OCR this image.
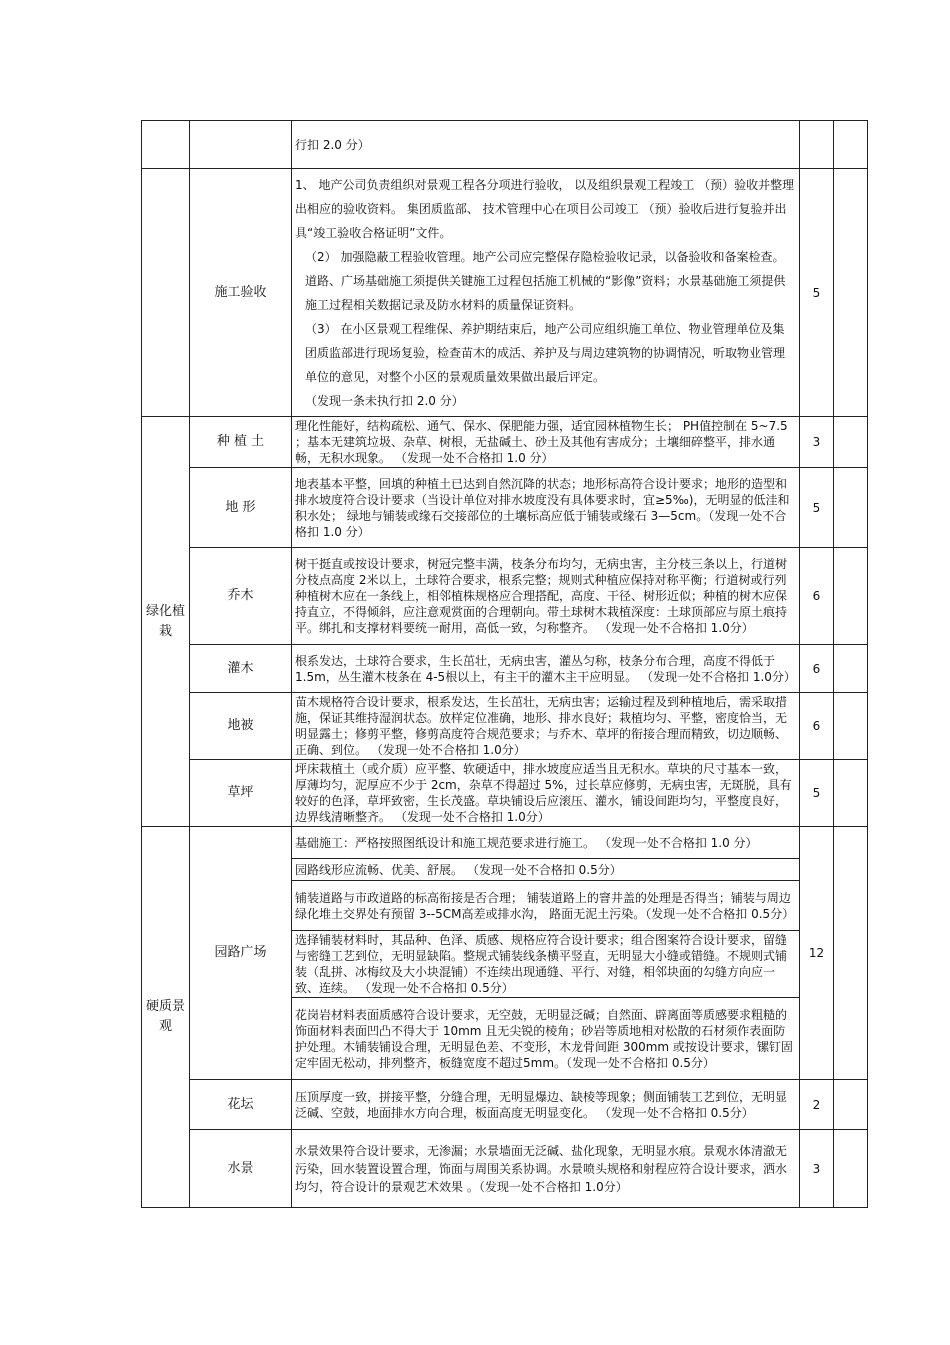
		行扣 2.0 分）		
	施工验收	1、 地产公司负责组织对景观工程各分项进行验收， 以及组织景观工程竣工 （预）验收并整理出相应的验收资料。 集团质监部、 技术管理中心在项目公司竣工 （预）验收后进行复验并出具“竣工验收合格证明”文件。

（2） 加强隐蔽工程验收管理。地产公司应完整保存隐检验收记录，以备验收和备案检查。道路、广场基础施工须提供关键施工过程包括施工机械的“影像”资料；水景基础施工须提供施工过程相关数据记录及防水材料的质量保证资料。

（3） 在小区景观工程维保、养护期结束后，地产公司应组织施工单位、物业管理单位及集团质监部进行现场复验，检查苗木的成活、养护及与周边建筑物的协调情况，听取物业管理单位的意见，对整个小区的景观质量效果做出最后评定。

（发现一条未执行扣 2.0 分）	5	
绿化植栽	种 植 土	理化性能好，结构疏松、通气、保水、保肥能力强，适宜园林植物生长； PH值控制在 5~7.5 ；基本无建筑垃圾、杂草、树根，无盐碱土、砂土及其他有害成分；土壤细碎整平，排水通畅，无积水现象。 （发现一处不合格扣 1.0 分）	3	
	地 形	地表基本平整，回填的种植土已达到自然沉降的状态；地形标高符合设计要求；地形的造型和排水坡度符合设计要求（当设计单位对排水坡度没有具体要求时，宜≥5‰)，无明显的低洼和积水处； 绿地与铺装或缘石交接部位的土壤标高应低于铺装或缘石 3—5cm。（发现一处不合格扣 1.0 分）	5	
	乔木	树干挺直或按设计要求，树冠完整丰满，枝条分布均匀，无病虫害，主分枝三条以上，行道树分枝点高度 2米以上，土球符合要求，根系完整；规则式种植应保持对称平衡；行道树或行列种植树木应在一条线上，相邻植株规格应合理搭配，高度、干径、树形近似；种植的树木应保持直立，不得倾斜，应注意观赏面的合理朝向。带土球树木栽植深度：土球顶部应与原土痕持平。绑扎和支撑材料要统一耐用，高低一致，匀称整齐。 （发现一处不合格扣 1.0分）	6	
	灌木	根系发达，土球符合要求，生长茁壮，无病虫害，灌丛匀称，枝条分布合理，高度不得低于 1.5m，丛生灌木枝条在 4-5根以上，有主干的灌木主干应明显。 （发现一处不合格扣 1.0分）	6	
	地被	苗木规格符合设计要求，根系发达，生长茁壮，无病虫害；运输过程及到种植地后，需采取措施，保证其维持湿润状态。放样定位准确，地形、排水良好；栽植均匀、平整，密度恰当，无明显露土；修剪平整，修剪高度符合规范要求；与乔木、草坪的衔接合理而精致，切边顺畅、正确、到位。 （发现一处不合格扣 1.0分）	6	
	草坪	坪床栽植土（或介质）应平整、软硬适中，排水坡度应适当且无积水。草块的尺寸基本一致，厚薄均匀，泥厚应不少于 2cm，杂草不得超过 5%，过长草应修剪，无病虫害，无斑脱，具有较好的色泽，草坪致密，生长茂盛。草块铺设后应滚压、灌水，铺设间距均匀，平整度良好，边界线清晰整齐。 （发现一处不合格扣 1.0分）	5	
硬质景观	园路广场	基础施工：严格按照图纸设计和施工规范要求进行施工。 （发现一处不合格扣 1.0 分）	12	
		园路线形应流畅、优美、舒展。 （发现一处不合格扣 0.5分）		
		铺装道路与市政道路的标高衔接是否合理； 铺装道路上的窨井盖的处理是否得当；铺装与周边绿化堆土交界处有预留 3--5CM高差或排水沟， 路面无泥土污染。（发现一处不合格扣 0.5分）		
		选择铺装材料时，其品种、色泽、质感、规格应符合设计要求；组合图案符合设计要求，留缝与密缝工艺到位，无明显缺陷。整规式铺装线条横平竖直，无明显大小缝或错缝。不规则式铺装（乱拼、冰梅纹及大小块混铺）不连续出现通缝、平行、对缝，相邻块面的勾缝方向应一致、连续。 （发现一处不合格扣 0.5分）		
		花岗岩材料表面质感符合设计要求，无空鼓，无明显泛碱；自然面、辟离面等质感要求粗糙的饰面材料表面凹凸不得大于 10mm 且无尖锐的棱角；砂岩等质地相对松散的石材须作表面防护处理。木铺装铺设合理，无明显色差、不变形，木龙骨间距 300mm 或按设计要求，镙钉固定牢固无松动，排列整齐，板缝宽度不超过5mm。（发现一处不合格扣 0.5分）		
	花坛	压顶厚度一致，拼接平整，分缝合理，无明显爆边、缺棱等现象；侧面铺装工艺到位，无明显泛碱、空鼓，地面排水方向合理，板面高度无明显变化。 （发现一处不合格扣 0.5分）	2	
	水景	水景效果符合设计要求，无渗漏；水景墙面无泛碱、盐化现象，无明显水痕。景观水体清澈无污染，回水装置设置合理，饰面与周围关系协调。水景喷头规格和射程应符合设计要求，洒水均匀，符合设计的景观艺术效果 。（发现一处不合格扣 1.0分）	3	
